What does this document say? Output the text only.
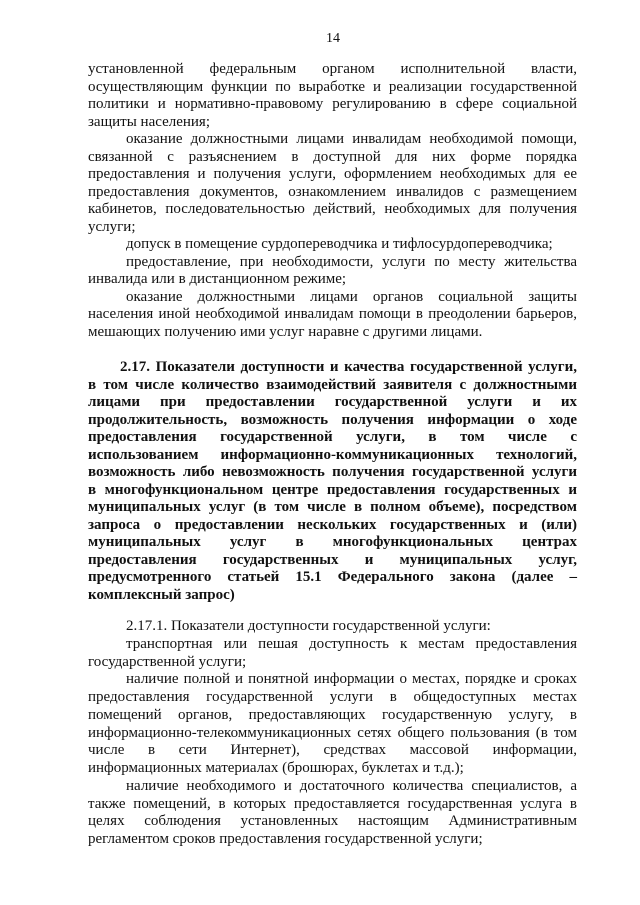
14
установленной федеральным органом исполнительной власти,
осуществляющим функции по выработке и реализации государственной
политики и нормативно-правовому регулированию в сфере социальной
защиты населения;
оказание должностными лицами инвалидам необходимой помощи,
связанной с разъяснением в доступной для них форме порядка
предоставления и получения услуги, оформлением необходимых для ее
предоставления документов, ознакомлением инвалидов с размещением
кабинетов, последовательностью действий, необходимых для получения
услуги;
допуск в помещение сурдопереводчика и тифлосурдопереводчика;
предоставление, при необходимости, услуги по месту жительства
инвалида или в дистанционном режиме;
оказание должностными лицами органов социальной защиты
населения иной необходимой инвалидам помощи в преодолении барьеров,
мешающих получению ими услуг наравне с другими лицами.
2.17. Показатели доступности и качества государственной услуги,
в том числе количество взаимодействий заявителя с должностными
лицами при предоставлении государственной услуги и их
продолжительность, возможность получения информации о ходе
предоставления государственной услуги, в том числе с
использованием информационно-коммуникационных технологий,
возможность либо невозможность получения государственной услуги
в многофункциональном центре предоставления государственных и
муниципальных услуг (в том числе в полном объеме), посредством
запроса о предоставлении нескольких государственных и (или)
муниципальных услуг в многофункциональных центрах
предоставления государственных и муниципальных услуг,
предусмотренного статьей 15.1 Федерального закона (далее –
комплексный запрос)
2.17.1. Показатели доступности государственной услуги:
транспортная или пешая доступность к местам предоставления
государственной услуги;
наличие полной и понятной информации о местах, порядке и сроках
предоставления государственной услуги в общедоступных местах
помещений органов, предоставляющих государственную услугу, в
информационно-телекоммуникационных сетях общего пользования (в том
числе в сети Интернет), средствах массовой информации,
информационных материалах (брошюрах, буклетах и т.д.);
наличие необходимого и достаточного количества специалистов, а
также помещений, в которых предоставляется государственная услуга в
целях соблюдения установленных настоящим Административным
регламентом сроков предоставления государственной услуги;
